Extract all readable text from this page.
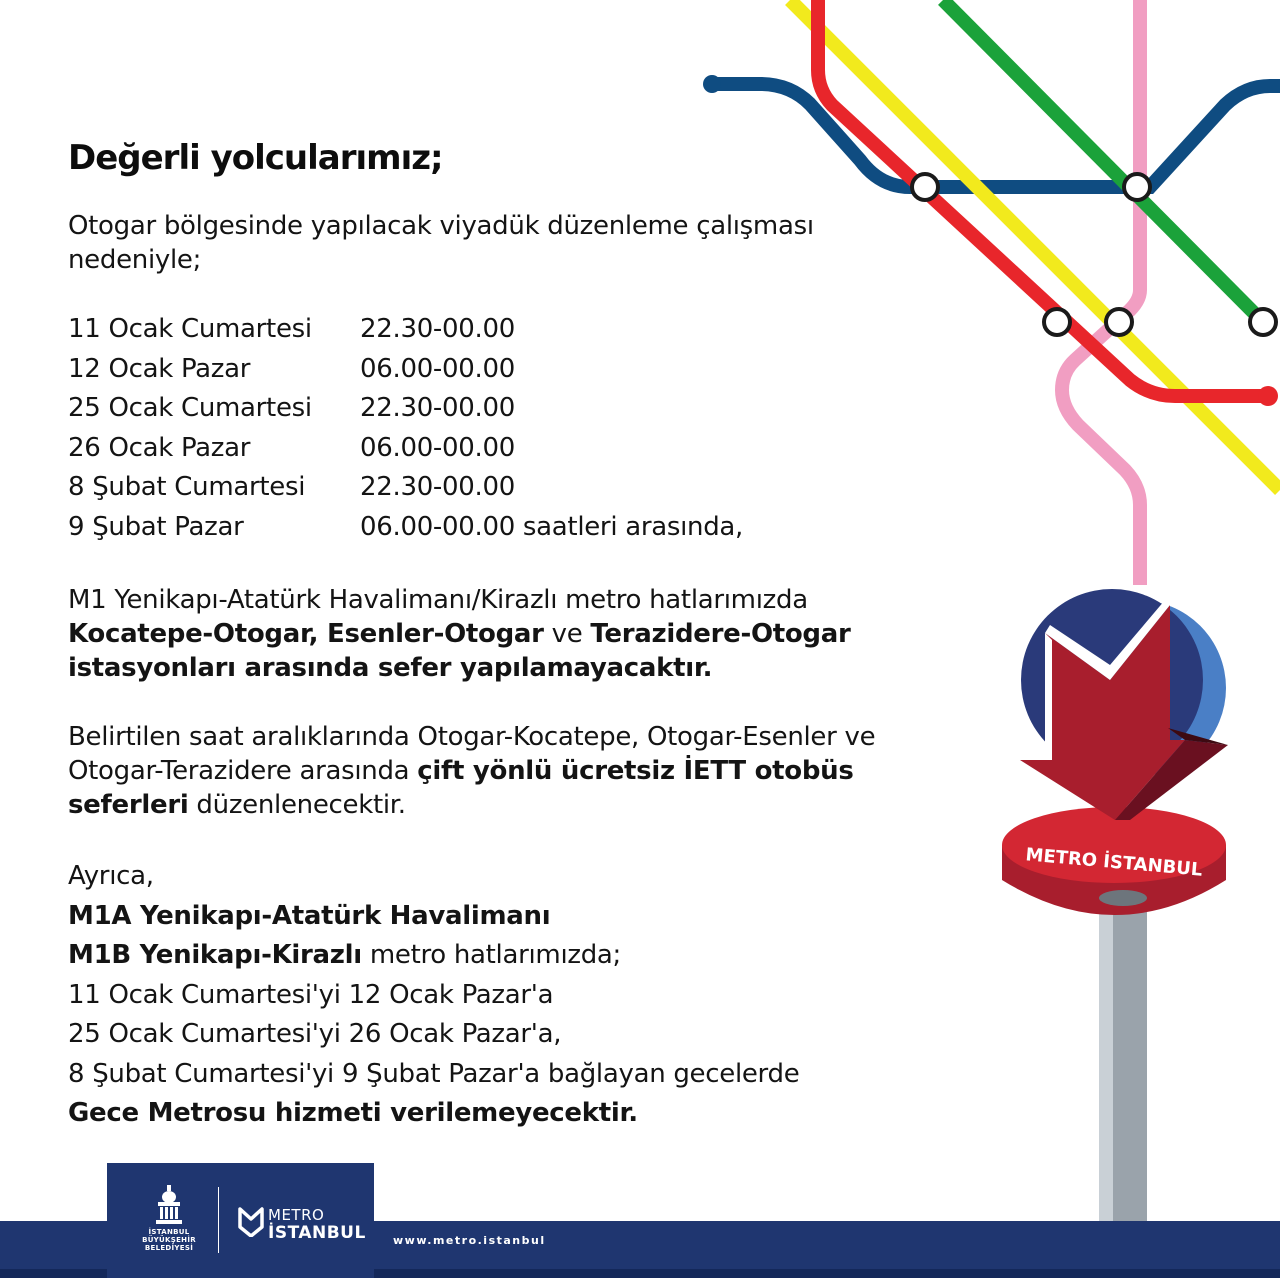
METRO İSTANBUL
Değerli yolcularımız;

Otogar bölgesinde yapılacak viyadük düzenleme çalışması nedeniyle;

11 Ocak Cumartesi	22.30-00.00
12 Ocak Pazar	06.00-00.00
25 Ocak Cumartesi	22.30-00.00
26 Ocak Pazar	06.00-00.00
8 Şubat Cumartesi	22.30-00.00
9 Şubat Pazar	06.00-00.00 saatleri arasında,

M1 Yenikapı-Atatürk Havalimanı/Kirazlı metro hatlarımızda
Kocatepe-Otogar, Esenler-Otogar ve Terazidere-Otogar
istasyonları arasında sefer yapılamayacaktır.

Belirtilen saat aralıklarında Otogar-Kocatepe, Otogar-Esenler ve Otogar-Terazidere arasında çift yönlü ücretsiz İETT otobüs seferleri düzenlenecektir.

Ayrıca,
M1A Yenikapı-Atatürk Havalimanı
M1B Yenikapı-Kirazlı metro hatlarımızda;
11 Ocak Cumartesi'yi 12 Ocak Pazar'a
25 Ocak Cumartesi'yi 26 Ocak Pazar'a,
8 Şubat Cumartesi'yi 9 Şubat Pazar'a bağlayan gecelerde
Gece Metrosu hizmeti verilemeyecektir.
İSTANBUL
BÜYÜKŞEHİR
BELEDİYESİ
METRO
İSTANBUL www.metro.istanbul
